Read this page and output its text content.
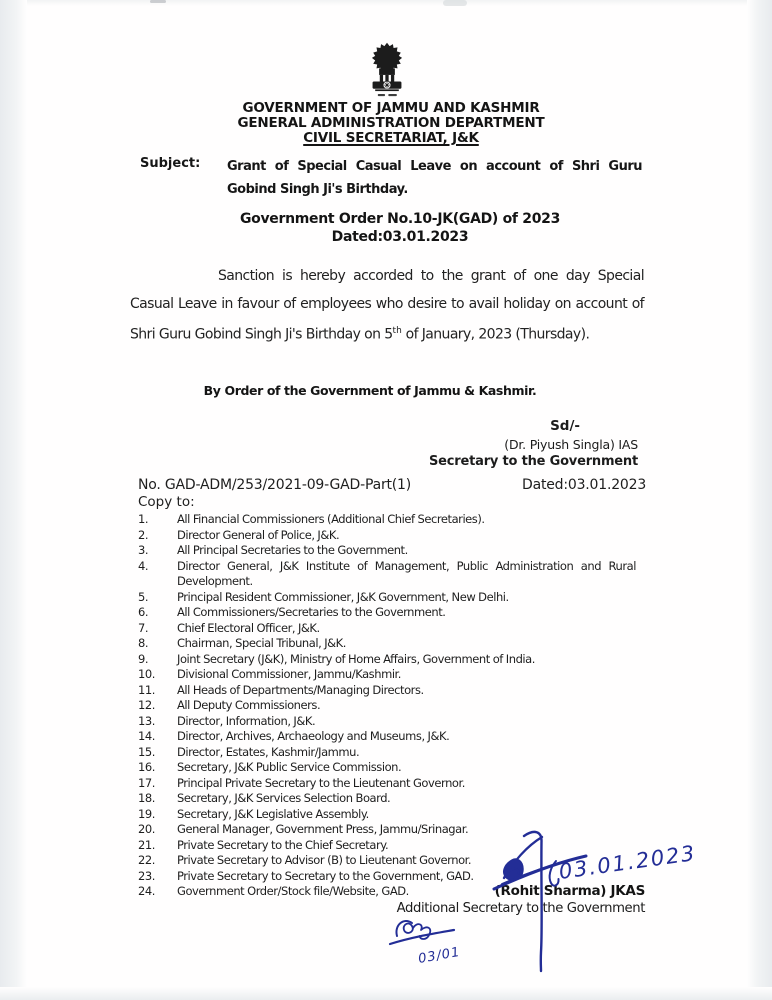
GOVERNMENT OF JAMMU AND KASHMIR
GENERAL ADMINISTRATION DEPARTMENT
CIVIL SECRETARIAT, J&K
Subject: Grant of Special Casual Leave on account of Shri Guru Gobind Singh Ji's Birthday.
Government Order No.10-JK(GAD) of 2023
Dated:03.01.2023
Sanction is hereby accorded to the grant of one day Special Casual Leave in favour of employees who desire to avail holiday on account of Shri Guru Gobind Singh Ji's Birthday on 5th of January, 2023 (Thursday).
By Order of the Government of Jammu & Kashmir.
Sd/-
(Dr. Piyush Singla) IAS
Secretary to the Government
No. GAD-ADM/253/2021-09-GAD-Part(1)	Dated:03.01.2023
Copy to:
1.	All Financial Commissioners (Additional Chief Secretaries).
2.	Director General of Police, J&K.
3.	All Principal Secretaries to the Government.
4.	Director General, J&K Institute of Management, Public Administration and Rural Development.
5.	Principal Resident Commissioner, J&K Government, New Delhi.
6.	All Commissioners/Secretaries to the Government.
7.	Chief Electoral Officer, J&K.
8.	Chairman, Special Tribunal, J&K.
9.	Joint Secretary (J&K), Ministry of Home Affairs, Government of India.
10.	Divisional Commissioner, Jammu/Kashmir.
11.	All Heads of Departments/Managing Directors.
12.	All Deputy Commissioners.
13.	Director, Information, J&K.
14.	Director, Archives, Archaeology and Museums, J&K.
15.	Director, Estates, Kashmir/Jammu.
16.	Secretary, J&K Public Service Commission.
17.	Principal Private Secretary to the Lieutenant Governor.
18.	Secretary, J&K Services Selection Board.
19.	Secretary, J&K Legislative Assembly.
20.	General Manager, Government Press, Jammu/Srinagar.
21.	Private Secretary to the Chief Secretary.
22.	Private Secretary to Advisor (B) to Lieutenant Governor.
23.	Private Secretary to Secretary to the Government, GAD.
24.	Government Order/Stock file/Website, GAD.	(Rohit Sharma) JKAS
Additional Secretary to the Government
03.01.2023
03/01
